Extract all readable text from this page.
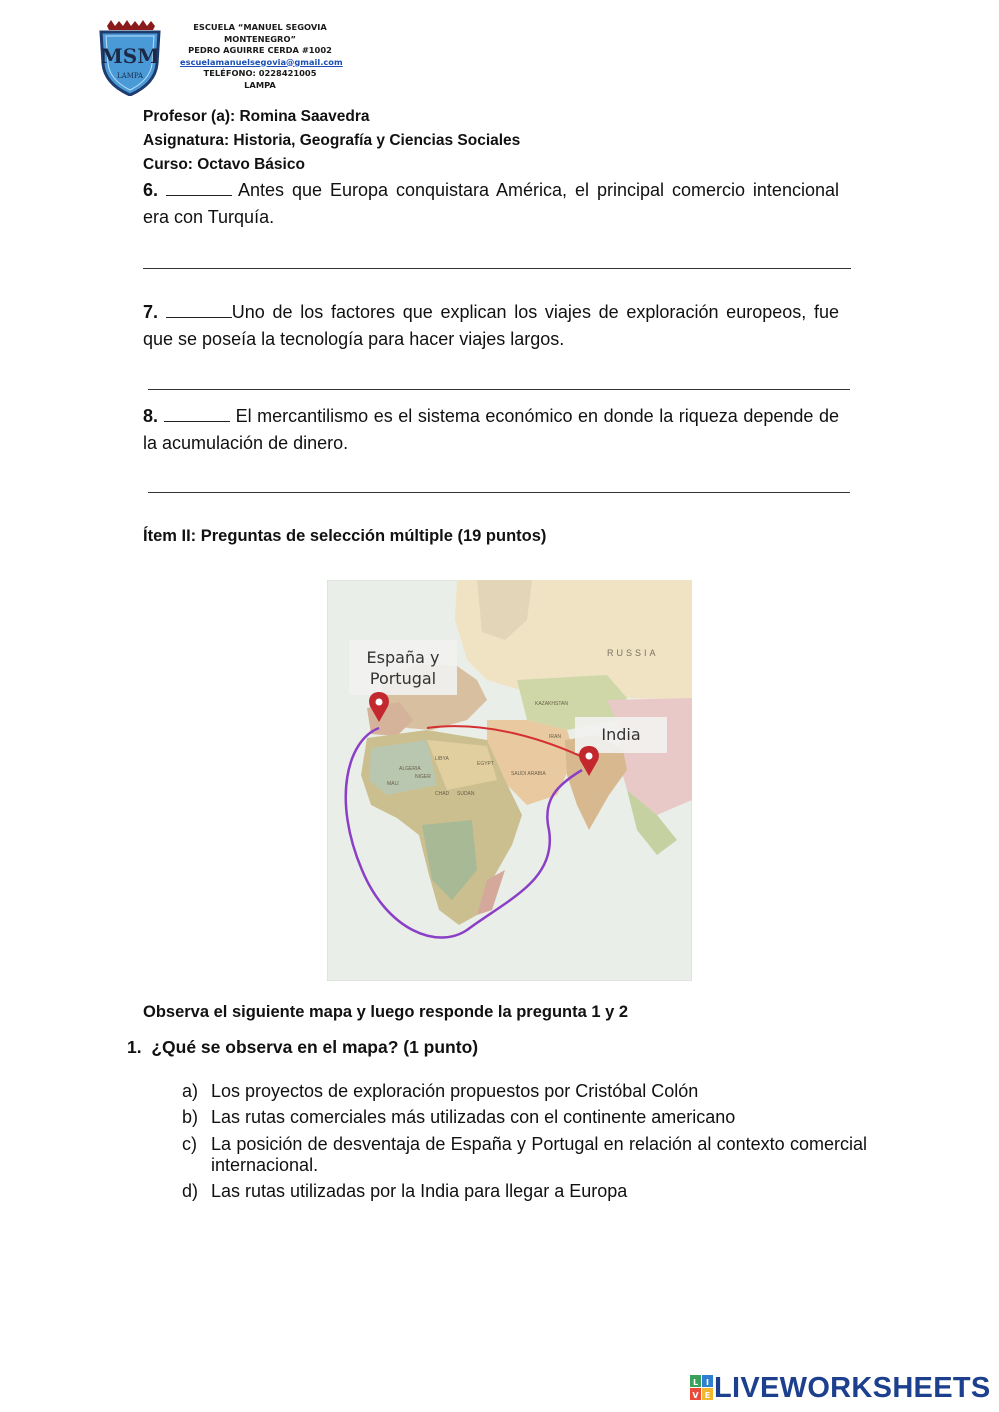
MSM
LAMPA
ESCUELA “MANUEL SEGOVIA
MONTENEGRO”
PEDRO AGUIRRE CERDA #1002
escuelamanuelsegovia@gmail.com
TELÉFONO: 0228421005
LAMPA
Profesor (a): Romina Saavedra
Asignatura: Historia, Geografía y Ciencias Sociales
Curso: Octavo Básico
6.	Antes que Europa conquistara América, el principal comercio intencional era con Turquía.
7.	Uno de los factores que explican los viajes de exploración europeos, fue que se poseía la tecnología para hacer viajes largos.
8.	El mercantilismo es el sistema económico en donde la riqueza depende de la acumulación de dinero.
Ítem II: Preguntas de selección múltiple (19 puntos)
KAZAKHSTAN
ALGERIA
LIBYA
EGYPT
MALI
NIGER
SUDAN
CHAD
SAUDI ARABIA
IRAN
RUSSIA
España y Portugal
India
Observa el siguiente mapa y luego responde la pregunta 1 y 2
1. ¿Qué se observa en el mapa? (1 punto)
a) Los proyectos de exploración propuestos por Cristóbal Colón
b) Las rutas comerciales más utilizadas con el continente americano
c) La posición de desventaja de España y Portugal en relación al contexto comercial internacional.
d) Las rutas utilizadas por la India para llegar a Europa
L I
V E LIVEWORKSHEETS
